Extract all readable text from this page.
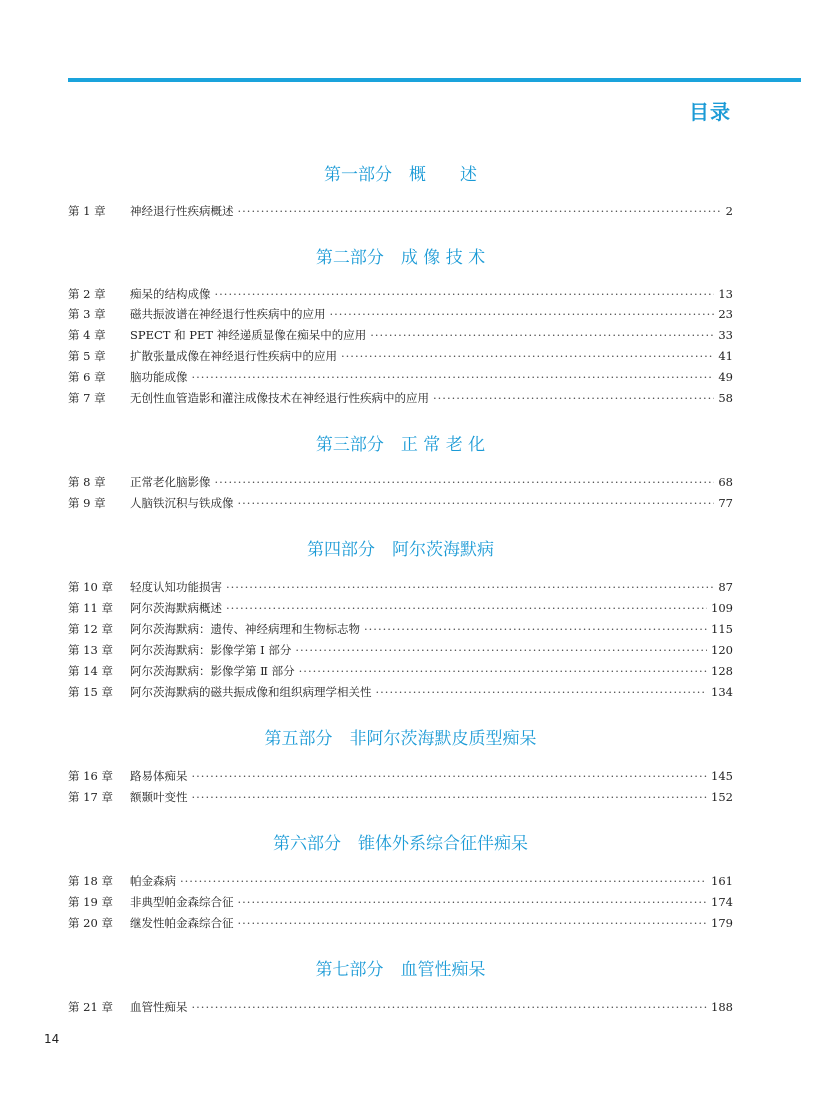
目录
第一部分　概　　述
第 1 章	神经退行性疾病概述 ·····	2
第二部分　成 像 技 术
第 2 章	痴呆的结构成像 ·····	13
第 3 章	磁共振波谱在神经退行性疾病中的应用 ·····	23
第 4 章	SPECT 和 PET 神经递质显像在痴呆中的应用 ·····	33
第 5 章	扩散张量成像在神经退行性疾病中的应用 ·····	41
第 6 章	脑功能成像 ·····	49
第 7 章	无创性血管造影和灌注成像技术在神经退行性疾病中的应用 ·····	58
第三部分　正 常 老 化
第 8 章	正常老化脑影像 ·····	68
第 9 章	人脑铁沉积与铁成像 ·····	77
第四部分　阿尔茨海默病
第 10 章	轻度认知功能损害 ·····	87
第 11 章	阿尔茨海默病概述 ·····	109
第 12 章	阿尔茨海默病：遗传、神经病理和生物标志物 ·····	115
第 13 章	阿尔茨海默病：影像学第 Ⅰ 部分 ·····	120
第 14 章	阿尔茨海默病：影像学第 Ⅱ 部分 ·····	128
第 15 章	阿尔茨海默病的磁共振成像和组织病理学相关性 ·····	134
第五部分　非阿尔茨海默皮质型痴呆
第 16 章	路易体痴呆 ·····	145
第 17 章	额颞叶变性 ·····	152
第六部分　锥体外系综合征伴痴呆
第 18 章	帕金森病 ·····	161
第 19 章	非典型帕金森综合征 ·····	174
第 20 章	继发性帕金森综合征 ·····	179
第七部分　血管性痴呆
第 21 章	血管性痴呆 ·····	188
14
